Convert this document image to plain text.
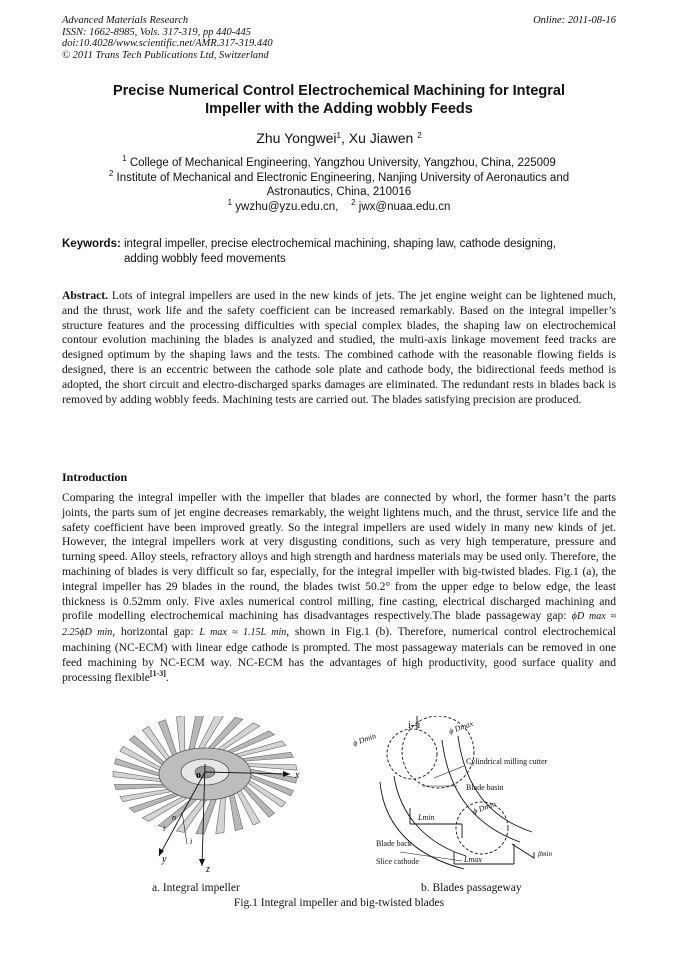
Advanced Materials Research
ISSN: 1662-8985, Vols. 317-319, pp 440-445
doi:10.4028/www.scientific.net/AMR.317-319.440
© 2011 Trans Tech Publications Ltd, Switzerland
Online: 2011-08-16
Precise Numerical Control Electrochemical Machining for Integral
Impeller with the Adding wobbly Feeds
Zhu Yongwei$^1$, Xu Jiawen $^2$
$^1$ College of Mechanical Engineering, Yangzhou University, Yangzhou, China, 225009
$^2$ Institute of Mechanical and Electronic Engineering, Nanjing University of Aeronautics and
Astronautics, China, 210016
$^1$ ywzhu@yzu.edu.cn, $^2$ jwx@nuaa.edu.cn
Keywords: integral impeller, precise electrochemical machining, shaping law, cathode designing,
adding wobbly feed movements
Abstract. Lots of integral impellers are used in the new kinds of jets. The jet engine weight can be lightened much, and the thrust, work life and the safety coefficient can be increased remarkably. Based on the integral impeller’s structure features and the processing difficulties with special complex blades, the shaping law on electrochemical contour evolution machining the blades is analyzed and studied, the multi-axis linkage movement feed tracks are designed optimum by the shaping laws and the tests. The combined cathode with the reasonable flowing fields is designed, there is an eccentric between the cathode sole plate and cathode body, the bidirectional feeds method is adopted, the short circuit and electro-discharged sparks damages are eliminated. The redundant rests in blades back is removed by adding wobbly feeds. Machining tests are carried out. The blades satisfying precision are produced.
Introduction
Comparing the integral impeller with the impeller that blades are connected by whorl, the former hasn’t the parts joints, the parts sum of jet engine decreases remarkably, the weight lightens much, and the thrust, service life and the safety coefficient have been improved greatly. So the integral impellers are used widely in many new kinds of jet. However, the integral impellers work at very disgusting conditions, such as very high temperature, pressure and turning speed. Alloy steels, refractory alloys and high strength and hardness materials may be used only. Therefore, the machining of blades is very difficult so far, especially, for the integral impeller with big-twisted blades. Fig.1 (a), the integral impeller has 29 blades in the round, the blades twist 50.2° from the upper edge to below edge, the least thickness is 0.52mm only. Five axles numerical control milling, fine casting, electrical discharged machining and profile modelling electrochemical machining has disadvantages respectively.The blade passageway gap: ϕD max ≈ 2.25ϕD min, horizontal gap: L max ≈ 1.15L min, shown in Fig.1 (b). Therefore, numerical control electrochemical machining (NC-ECM) with linear edge cathode is prompted. The most passageway materials can be removed in one feed machining by NC-ECM way. NC-ECM has the advantages of high productivity, good surface quality and processing flexible[1-3].
o	x
y
z
n
i
i
i--i
ϕ Dmin
ϕ Dmax
Cylindrical milling cutter
Blade basin
Lmin
ϕ Dmin
Blade back
Slice cathode	Lmax
βmin
a. Integral impeller	b. Blades passageway
Fig.1 Integral impeller and big-twisted blades
